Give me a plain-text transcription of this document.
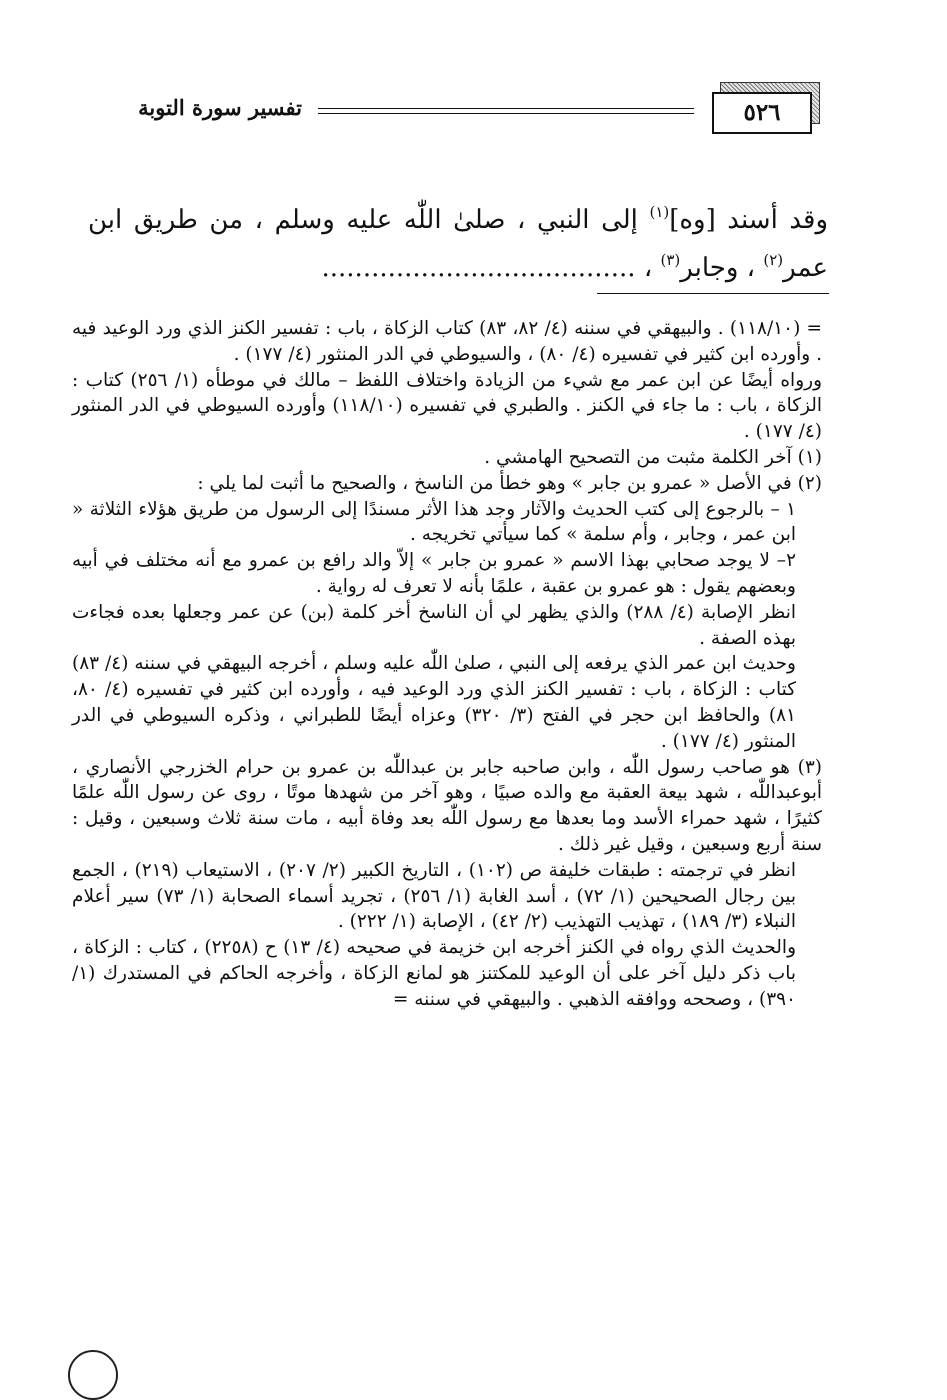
٥٢٦
تفسير سورة التوبة
وقد أسند [وه]$^{(١)}$ إلى النبي ، صلىٰ اللّٰه عليه وسلم ، من طريق ابن عمر$^{(٢)}$ ، وجابر$^{(٣)}$ ، ......................................

= (١١٨/١٠) . والبيهقي في سننه (٤/ ٨٢، ٨٣) كتاب الزكاة ، باب : تفسير الكنز الذي ورد الوعيد فيه . وأورده ابن كثير في تفسيره (٤/ ٨٠) ، والسيوطي في الدر المنثور (٤/ ١٧٧) .

ورواه أيضًا عن ابن عمر مع شيء من الزيادة واختلاف اللفظ – مالك في موطأه (١/ ٢٥٦) كتاب : الزكاة ، باب : ما جاء في الكنز . والطبري في تفسيره (١١٨/١٠) وأورده السيوطي في الدر المنثور (٤/ ١٧٧) .

(١) آخر الكلمة مثبت من التصحيح الهامشي .

(٢) في الأصل « عمرو بن جابر » وهو خطأ من الناسخ ، والصحيح ما أثبت لما يلي :

١ – بالرجوع إلى كتب الحديث والآثار وجد هذا الأثر مسندًا إلى الرسول من طريق هؤلاء الثلاثة « ابن عمر ، وجابر ، وأم سلمة » كما سيأتي تخريجه .

٢– لا يوجد صحابي بهذا الاسم « عمرو بن جابر » إلاّ والد رافع بن عمرو مع أنه مختلف في أبيه وبعضهم يقول : هو عمرو بن عقبة ، علمًا بأنه لا تعرف له رواية .

انظر الإصابة (٤/ ٢٨٨) والذي يظهر لي أن الناسخ أخر كلمة (بن) عن عمر وجعلها بعده فجاءت بهذه الصفة .

وحديث ابن عمر الذي يرفعه إلى النبي ، صلىٰ اللّٰه عليه وسلم ، أخرجه البيهقي في سننه (٤/ ٨٣) كتاب : الزكاة ، باب : تفسير الكنز الذي ورد الوعيد فيه ، وأورده ابن كثير في تفسيره (٤/ ٨٠، ٨١) والحافظ ابن حجر في الفتح (٣/ ٣٢٠) وعزاه أيضًا للطبراني ، وذكره السيوطي في الدر المنثور (٤/ ١٧٧) .

(٣) هو صاحب رسول اللّٰه ، وابن صاحبه جابر بن عبداللّٰه بن عمرو بن حرام الخزرجي الأنصاري ، أبوعبداللّٰه ، شهد بيعة العقبة مع والده صبيًا ، وهو آخر من شهدها موتًا ، روى عن رسول اللّٰه علمًا كثيرًا ، شهد حمراء الأسد وما بعدها مع رسول اللّٰه بعد وفاة أبيه ، مات سنة ثلاث وسبعين ، وقيل : سنة أربع وسبعين ، وقيل غير ذلك .

انظر في ترجمته : طبقات خليفة ص (١٠٢) ، التاريخ الكبير (٢/ ٢٠٧) ، الاستيعاب (٢١٩) ، الجمع بين رجال الصحيحين (١/ ٧٢) ، أسد الغابة (١/ ٢٥٦) ، تجريد أسماء الصحابة (١/ ٧٣) سير أعلام النبلاء (٣/ ١٨٩) ، تهذيب التهذيب (٢/ ٤٢) ، الإصابة (١/ ٢٢٢) .

والحديث الذي رواه في الكنز أخرجه ابن خزيمة في صحيحه (٤/ ١٣) ح (٢٢٥٨) ، كتاب : الزكاة ، باب ذكر دليل آخر على أن الوعيد للمكتنز هو لمانع الزكاة ، وأخرجه الحاكم في المستدرك (١/ ٣٩٠) ، وصححه ووافقه الذهبي . والبيهقي في سننه =
